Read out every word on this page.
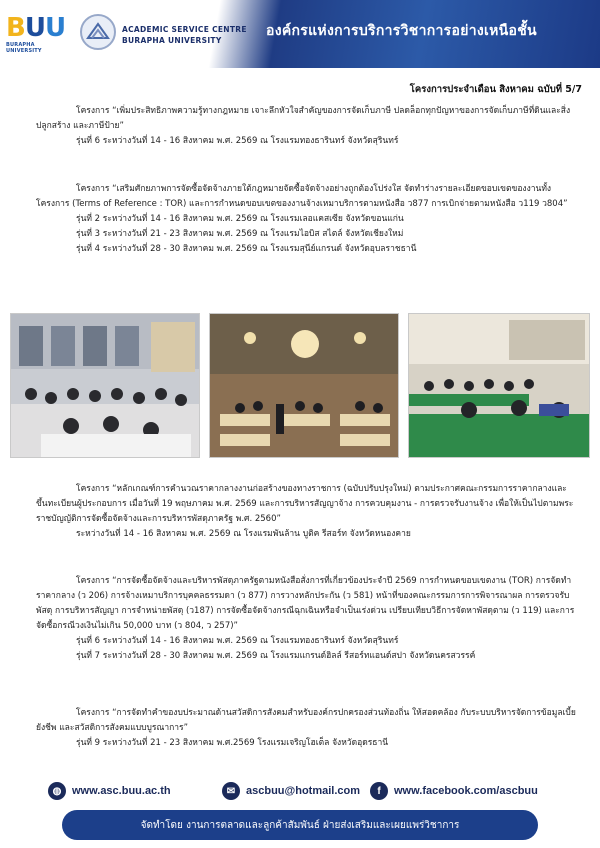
BUU
BURAPHA UNIVERSITY
ACADEMIC SERVICE CENTRE
BURAPHA UNIVERSITY
องค์กรแห่งการบริการวิชาการอย่างเหนือชั้น
โครงการประจำเดือน สิงหาคม ฉบับที่ 5/7

โครงการ “เพิ่มประสิทธิภาพความรู้ทางกฎหมาย เจาะลึกหัวใจสำคัญของการจัดเก็บภาษี ปลดล็อกทุกปัญหาของการจัดเก็บภาษีที่ดินและสิ่งปลูกสร้าง และภาษีป้าย”

รุ่นที่ 6 ระหว่างวันที่ 14 - 16 สิงหาคม พ.ศ. 2569 ณ โรงแรมทองธารินทร์ จังหวัดสุรินทร์

โครงการ “เสริมศักยภาพการจัดซื้อจัดจ้างภายใต้กฎหมายจัดซื้อจัดจ้างอย่างถูกต้องโปร่งใส จัดทำร่างรายละเอียดขอบเขตของงานทั้งโครงการ (Terms of Reference : TOR) และการกำหนดขอบเขตของงานจ้างเหมาบริการตามหนังสือ ว877 การเบิกจ่ายตามหนังสือ ว119 ว804”

รุ่นที่ 2 ระหว่างวันที่ 14 - 16 สิงหาคม พ.ศ. 2569 ณ โรงแรมเลอแคสเซีย จังหวัดขอนแก่น

รุ่นที่ 3 ระหว่างวันที่ 21 - 23 สิงหาคม พ.ศ. 2569 ณ โรงแรมไอบิส สไตล์ จังหวัดเชียงใหม่

รุ่นที่ 4 ระหว่างวันที่ 28 - 30 สิงหาคม พ.ศ. 2569 ณ โรงแรมสุนีย์แกรนด์ จังหวัดอุบลราชธานี

โครงการ “หลักเกณฑ์การคำนวณราคากลางงานก่อสร้างของทางราชการ (ฉบับปรับปรุงใหม่) ตามประกาศคณะกรรมการราคากลางและขึ้นทะเบียนผู้ประกอบการ เมื่อวันที่ 19 พฤษภาคม พ.ศ. 2569 และการบริหารสัญญาจ้าง การควบคุมงาน - การตรวจรับงานจ้าง เพื่อให้เป็นไปตามพระราชบัญญัติการจัดซื้อจัดจ้างและการบริหารพัสดุภาครัฐ พ.ศ. 2560”

ระหว่างวันที่ 14 - 16 สิงหาคม พ.ศ. 2569 ณ โรงแรมพันล้าน บูติค รีสอร์ท จังหวัดหนองคาย

โครงการ “การจัดซื้อจัดจ้างและบริหารพัสดุภาครัฐตามหนังสือสั่งการที่เกี่ยวข้องประจำปี 2569 การกำหนดขอบเขตงาน (TOR) การจัดทำราคากลาง (ว 206) การจ้างเหมาบริการบุคคลธรรมดา (ว 877) การวางหลักประกัน (ว 581) หน้าที่ของคณะกรรมการการพิจารณาผล การตรวจรับพัสดุ การบริหารสัญญา การจำหน่ายพัสดุ (ว187) การจัดซื้อจัดจ้างกรณีฉุกเฉินหรือจำเป็นเร่งด่วน เปรียบเทียบวิธีการจัดหาพัสดุตาม (ว 119) และการจัดซื้อกรณีวงเงินไม่เกิน 50,000 บาท (ว 804, ว 257)”

รุ่นที่ 6 ระหว่างวันที่ 14 - 16 สิงหาคม พ.ศ. 2569 ณ โรงแรมทองธารินทร์ จังหวัดสุรินทร์

รุ่นที่ 7 ระหว่างวันที่ 28 - 30 สิงหาคม พ.ศ. 2569 ณ โรงแรมแกรนด์ฮิลล์ รีสอร์ทแอนด์สปา จังหวัดนครสวรรค์

โครงการ “การจัดทำคำของบประมาณด้านสวัสดิการสังคมสำหรับองค์กรปกครองส่วนท้องถิ่น ให้สอดคล้อง กับระบบบริหารจัดการข้อมูลเบี้ยยังชีพ และสวัสดิการสังคมแบบบูรณาการ”

รุ่นที่ 9 ระหว่างวันที่ 21 - 23 สิงหาคม พ.ศ.2569 โรงแรมเจริญโฮเต็ล จังหวัดอุดรธานี

◍ www.asc.buu.ac.th	✉ ascbuu@hotmail.com	f	www.facebook.com/ascbuu
จัดทำโดย งานการตลาดและลูกค้าสัมพันธ์ ฝ่ายส่งเสริมและเผยแพร่วิชาการ
